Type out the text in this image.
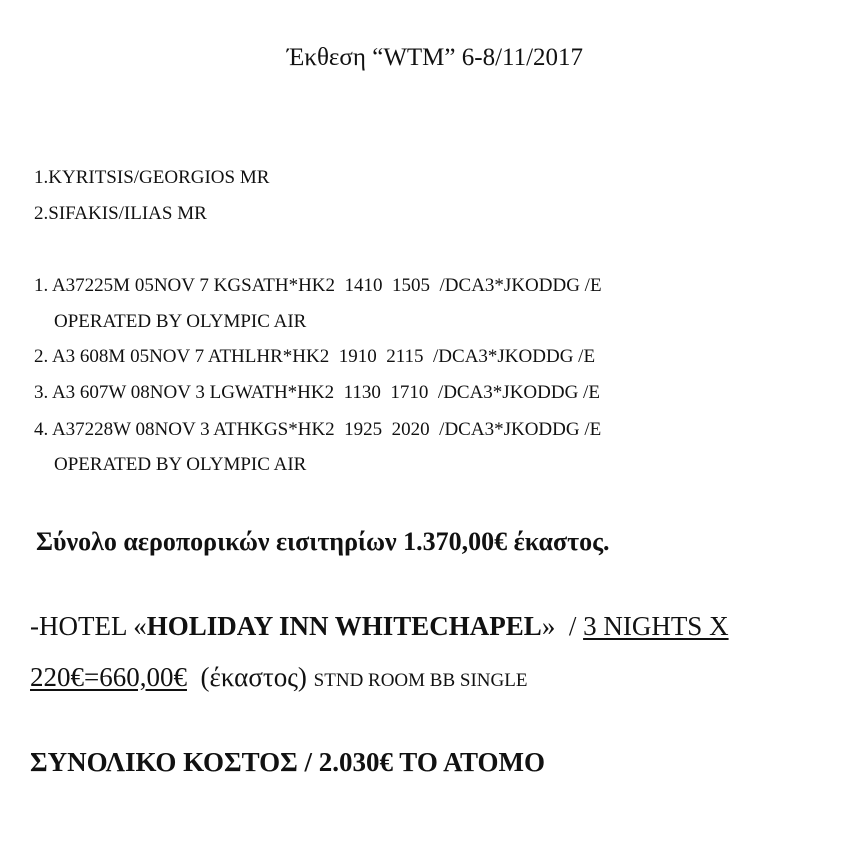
Έκθεση “WTM” 6-8/11/2017
1.KYRITSIS/GEORGIOS MR
2.SIFAKIS/ILIAS MR
1. A37225M 05NOV 7 KGSATH*HK2  1410  1505  /DCA3*JKODDG /E
OPERATED BY OLYMPIC AIR
2. A3 608M 05NOV 7 ATHLHR*HK2  1910  2115  /DCA3*JKODDG /E
3. A3 607W 08NOV 3 LGWATH*HK2  1130  1710  /DCA3*JKODDG /E
4. A37228W 08NOV 3 ATHKGS*HK2  1925  2020  /DCA3*JKODDG /E
OPERATED BY OLYMPIC AIR
Σύνολο αεροπορικών εισιτηρίων 1.370,00€ έκαστος.
-HOTEL «HOLIDAY INN WHITECHAPEL»  / 3 NIGHTS X
220€=660,00€ (έκαστος) STND ROOM BB SINGLE
ΣΥΝΟΛΙΚΟ ΚΟΣΤΟΣ / 2.030€ ΤΟ ΑΤΟΜΟ
